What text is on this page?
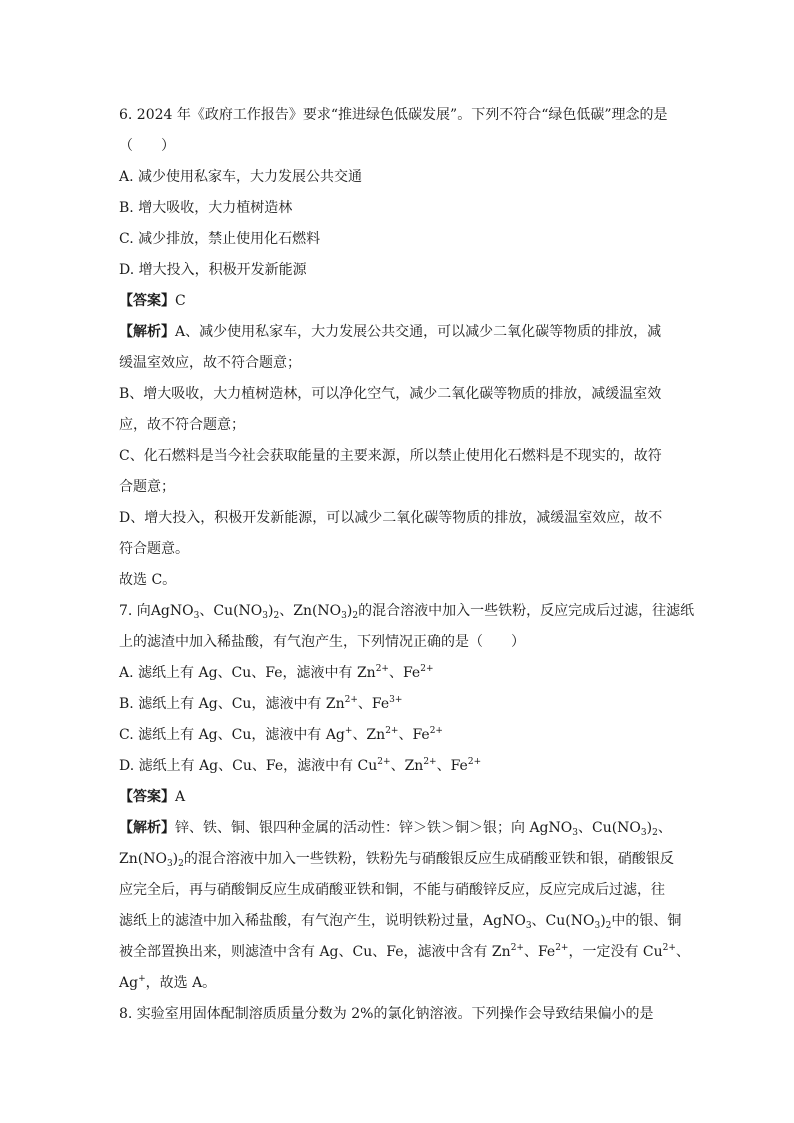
6. 2024 年《政府工作报告》要求“推进绿色低碳发展”。下列不符合“绿色低碳”理念的是
（　　）
A. 减少使用私家车，大力发展公共交通
B. 增大吸收，大力植树造林
C. 减少排放，禁止使用化石燃料
D. 增大投入，积极开发新能源
【答案】C
【解析】A、减少使用私家车，大力发展公共交通，可以减少二氧化碳等物质的排放，减
缓温室效应，故不符合题意；
B、增大吸收，大力植树造林，可以净化空气，减少二氧化碳等物质的排放，减缓温室效
应，故不符合题意；
C、化石燃料是当今社会获取能量的主要来源，所以禁止使用化石燃料是不现实的，故符
合题意；
D、增大投入，积极开发新能源，可以减少二氧化碳等物质的排放，减缓温室效应，故不
符合题意。
故选 C。
7. 向AgNO$_3$、$Cu(NO_3)_2$、$Zn(NO_3)_2$的混合溶液中加入一些铁粉，反应完成后过滤，往滤纸
上的滤渣中加入稀盐酸，有气泡产生，下列情况正确的是（　　）
A. 滤纸上有 Ag、Cu、Fe，滤液中有 $Zn^{2+}$、$Fe^{2+}$
B. 滤纸上有 Ag、Cu，滤液中有 $Zn^{2+}$、$Fe^{3+}$
C. 滤纸上有 Ag、Cu，滤液中有 Ag+、$Zn^{2+}$、$Fe^{2+}$
D. 滤纸上有 Ag、Cu、Fe，滤液中有 $Cu^{2+}$、$Zn^{2+}$、$Fe^{2+}$
【答案】A
【解析】锌、铁、铜、银四种金属的活动性：锌＞铁＞铜＞银；向 AgNO$_3$、$Cu(NO_3)_2$、
$Zn(NO_3)_2$的混合溶液中加入一些铁粉，铁粉先与硝酸银反应生成硝酸亚铁和银，硝酸银反
应完全后，再与硝酸铜反应生成硝酸亚铁和铜，不能与硝酸锌反应，反应完成后过滤，往
滤纸上的滤渣中加入稀盐酸，有气泡产生，说明铁粉过量，AgNO$_3$、$Cu(NO_3)_2$中的银、铜
被全部置换出来，则滤渣中含有 Ag、Cu、Fe，滤液中含有 $Zn^{2+}$、$Fe^{2+}$，一定没有 $Cu^{2+}$、
Ag+，故选 A。
8. 实验室用固体配制溶质质量分数为 2%的氯化钠溶液。下列操作会导致结果偏小的是
